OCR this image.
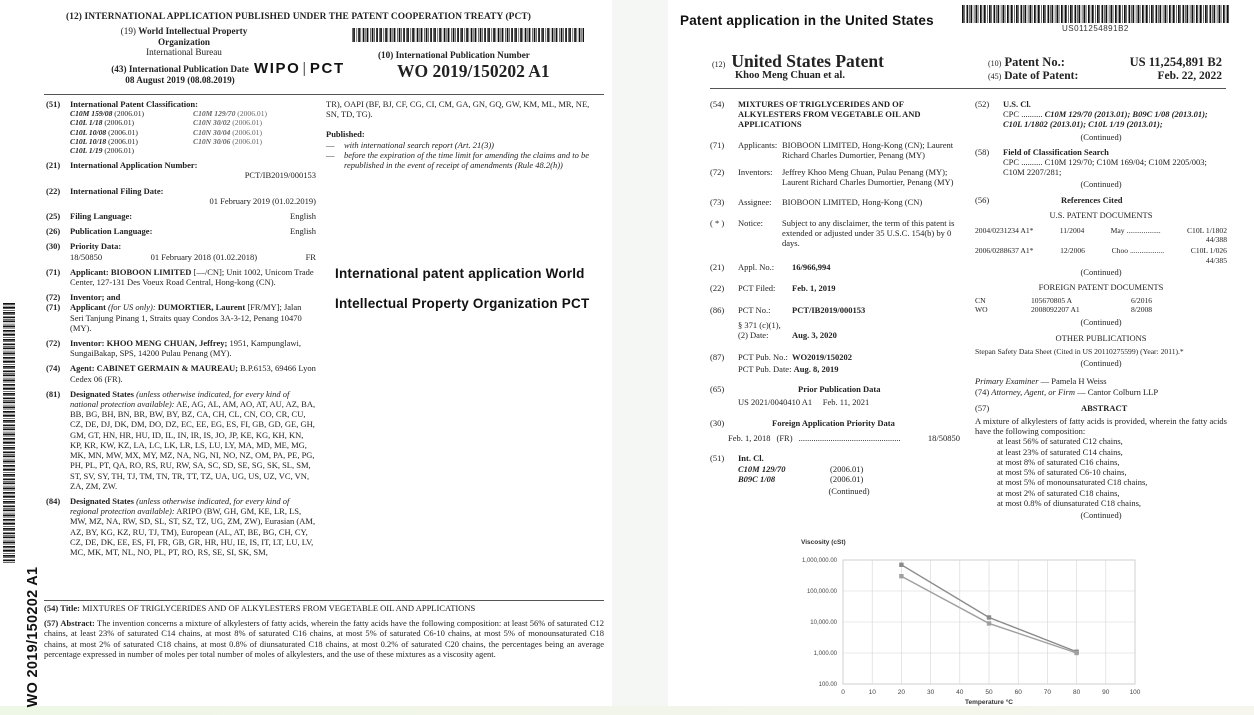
(12) INTERNATIONAL APPLICATION PUBLISHED UNDER THE PATENT COOPERATION TREATY (PCT)
(19) World Intellectual Property
Organization
International Bureau
(43) International Publication Date
08 August 2019 (08.08.2019)
WIPO | PCT
(10) International Publication Number
WO 2019/150202 A1
(51) International Patent Classification:
C10M 159/08 (2006.01)	C10M 129/70 (2006.01)
C10L 1/18 (2006.01)	C10N 30/02 (2006.01)
C10L 10/08 (2006.01)	C10N 30/04 (2006.01)
C10L 10/18 (2006.01)	C10N 30/06 (2006.01)
C10L 1/19 (2006.01)
(21) International Application Number:
PCT/IB2019/000153
(22) International Filing Date:
01 February 2019 (01.02.2019)
(25) Filing Language:	English
(26) Publication Language:	English
(30) Priority Data:
18/50850	01 February 2018 (01.02.2018)	FR
(71) Applicant: BIOBOON LIMITED [—/CN]; Unit 1002, Unicom Trade Center, 127-131 Des Voeux Road Central, Hong-kong (CN).
(72) Inventor; and
(71) Applicant (for US only): DUMORTIER, Laurent [FR/MY]; Jalan Seri Tanjung Pinang 1, Straits quay Condos 3A-3-12, Penang 10470 (MY).
(72) Inventor: KHOO MENG CHUAN, Jeffrey; 1951, Kampunglawi, SungaiBakap, SPS, 14200 Pulau Penang (MY).
(74) Agent: CABINET GERMAIN & MAUREAU; B.P.6153, 69466 Lyon Cedex 06 (FR).
(81) Designated States (unless otherwise indicated, for every kind of national protection available): AE, AG, AL, AM, AO, AT, AU, AZ, BA, BB, BG, BH, BN, BR, BW, BY, BZ, CA, CH, CL, CN, CO, CR, CU, CZ, DE, DJ, DK, DM, DO, DZ, EC, EE, EG, ES, FI, GB, GD, GE, GH, GM, GT, HN, HR, HU, ID, IL, IN, IR, IS, JO, JP, KE, KG, KH, KN, KP, KR, KW, KZ, LA, LC, LK, LR, LS, LU, LY, MA, MD, ME, MG, MK, MN, MW, MX, MY, MZ, NA, NG, NI, NO, NZ, OM, PA, PE, PG, PH, PL, PT, QA, RO, RS, RU, RW, SA, SC, SD, SE, SG, SK, SL, SM, ST, SV, SY, TH, TJ, TM, TN, TR, TT, TZ, UA, UG, US, UZ, VC, VN, ZA, ZM, ZW.
(84) Designated States (unless otherwise indicated, for every kind of regional protection available): ARIPO (BW, GH, GM, KE, LR, LS, MW, MZ, NA, RW, SD, SL, ST, SZ, TZ, UG, ZM, ZW), Eurasian (AM, AZ, BY, KG, KZ, RU, TJ, TM), European (AL, AT, BE, BG, CH, CY, CZ, DE, DK, EE, ES, FI, FR, GB, GR, HR, HU, IE, IS, IT, LT, LU, LV, MC, MK, MT, NL, NO, PL, PT, RO, RS, SE, SI, SK, SM,
TR), OAPI (BF, BJ, CF, CG, CI, CM, GA, GN, GQ, GW, KM, ML, MR, NE, SN, TD, TG).
Published:
—	with international search report (Art. 21(3))
—	before the expiration of the time limit for amending the claims and to be republished in the event of receipt of amendments (Rule 48.2(h))
(54) Title: MIXTURES OF TRIGLYCERIDES AND OF ALKYLESTERS FROM VEGETABLE OIL AND APPLICATIONS
(57) Abstract: The invention concerns a mixture of alkylesters of fatty acids, wherein the fatty acids have the following composition: at least 56% of saturated C12 chains, at least 23% of saturated C14 chains, at most 8% of saturated C16 chains, at most 5% of saturated C6-10 chains, at most 5% of monounsaturated C18 chains, at most 2% of saturated C18 chains, at most 0.8% of diunsaturated C18 chains, at most 0.2% of saturated C20 chains, the percentages being an average percentage expressed in number of moles per total number of moles of alkylesters, and the use of these mixtures as a viscosity agent.
WO 2019/150202 A1
International patent application World
Intellectual Property Organization PCT
Patent application in the United States
US011254891B2
(12) United States Patent
Khoo Meng Chuan et al.
(10) Patent No.:	US 11,254,891 B2
(45) Date of Patent:	Feb. 22, 2022
(54) MIXTURES OF TRIGLYCERIDES AND OF ALKYLESTERS FROM VEGETABLE OIL AND APPLICATIONS
(71) Applicants: BIOBOON LIMITED, Hong-Kong (CN); Laurent Richard Charles Dumortier, Penang (MY)
(72) Inventors: Jeffrey Khoo Meng Chuan, Pulau Penang (MY); Laurent Richard Charles Dumortier, Penang (MY)
(73) Assignee: BIOBOON LIMITED, Hong-Kong (CN)
( * ) Notice: Subject to any disclaimer, the term of this patent is extended or adjusted under 35 U.S.C. 154(b) by 0 days.
(21) Appl. No.: 16/966,994
(22) PCT Filed: Feb. 1, 2019
(86) PCT No.:	PCT/IB2019/000153
§ 371 (c)(1),
(2) Date:	Aug. 3, 2020
(87) PCT Pub. No.: WO2019/150202
PCT Pub. Date: Aug. 8, 2019
(65)	Prior Publication Data
US 2021/0040410 A1 Feb. 11, 2021
(30)	Foreign Application Priority Data
Feb. 1, 2018 (FR) ................................................	18/50850
(51) Int. Cl.
C10M 129/70	(2006.01)
B09C 1/08	(2006.01)
(Continued)
(52) U.S. Cl.
CPC .......... C10M 129/70 (2013.01); B09C 1/08 (2013.01); C10L 1/1802 (2013.01); C10L 1/19 (2013.01);
(Continued)
(58) Field of Classification Search
CPC .......... C10M 129/70; C10M 169/04; C10M 2205/003; C10M 2207/281;
(Continued)
(56)	References Cited
U.S. PATENT DOCUMENTS
2004/0231234 A1*	11/2004	May ..................	C10L 1/1802
44/388
2006/0288637 A1*	12/2006	Choo ..................	C10L 1/026
44/385
(Continued)
FOREIGN PATENT DOCUMENTS
CN	105670805 A	6/2016
WO	2008092207 A1	8/2008
(Continued)
OTHER PUBLICATIONS
Stepan Safety Data Sheet (Cited in US 20110275599) (Year: 2011).*
(Continued)
Primary Examiner — Pamela H Weiss
(74) Attorney, Agent, or Firm — Cantor Colburn LLP
(57)	ABSTRACT
A mixture of alkylesters of fatty acids is provided, wherein the fatty acids have the following composition:
at least 56% of saturated C12 chains,
at least 23% of saturated C14 chains,
at most 8% of saturated C16 chains,
at most 5% of saturated C6-10 chains,
at most 5% of monounsaturated C18 chains,
at most 2% of saturated C18 chains,
at most 0.8% of diunsaturated C18 chains,
(Continued)
0	10	20	30	40	50	60	70	80	90	100
100.00
1,000.00
10,000.00
100,000.00
1,000,000.00
Viscosity (cSt)
Temperature °C
